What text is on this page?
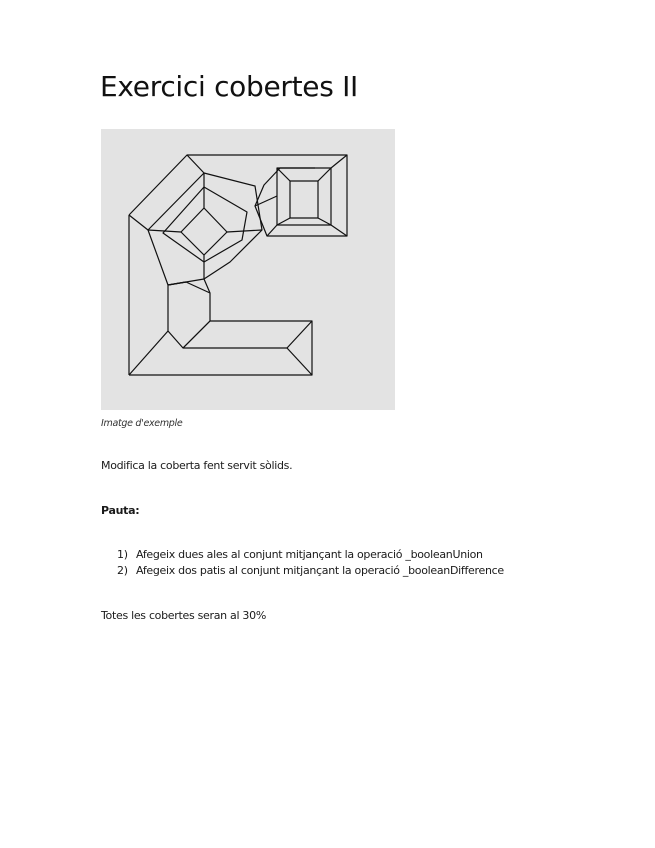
Exercici cobertes II
Imatge d'exemple

Modifica la coberta fent servit sòlids.

Pauta:

1) Afegeix dues ales al conjunt mitjançant la operació _booleanUnion
2) Afegeix dos patis al conjunt mitjançant la operació _booleanDifference

Totes les cobertes seran al 30%
